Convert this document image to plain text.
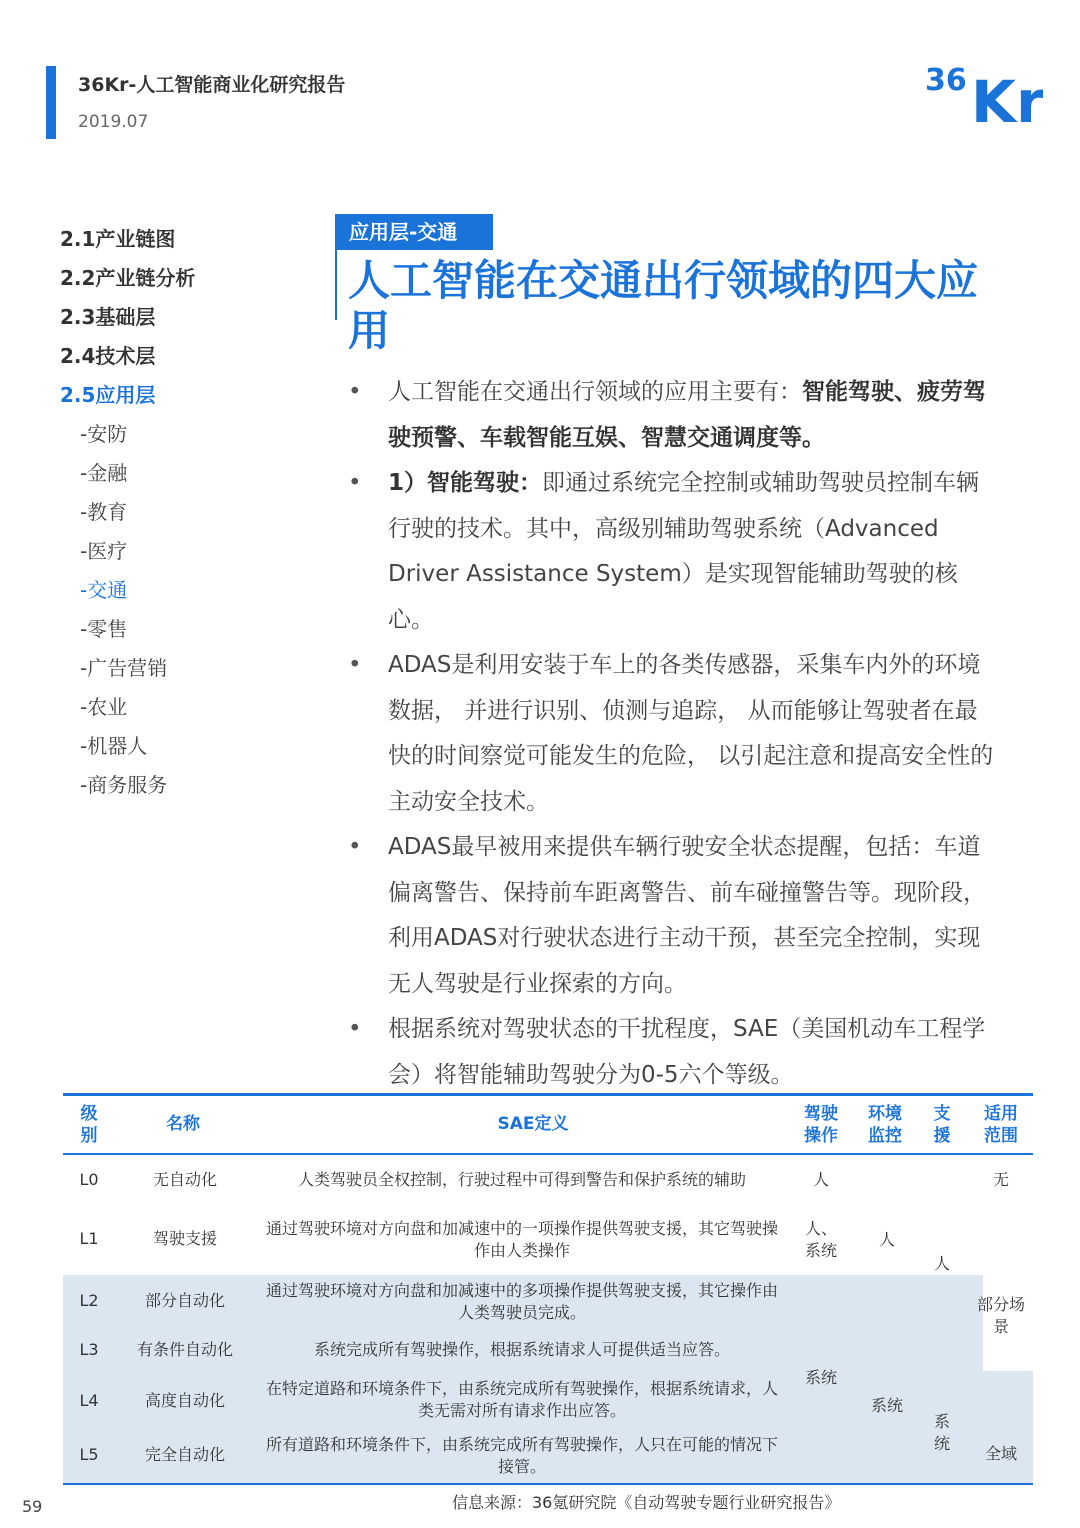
36Kr-人工智能商业化研究报告
2019.07
36 Kr
2.1产业链图
2.2产业链分析
2.3基础层
2.4技术层
2.5应用层
-安防
-金融
-教育
-医疗
-交通
-零售
-广告营销
-农业
-机器人
-商务服务
应用层-交通
人工智能在交通出行领域的四大应用
• 人工智能在交通出行领域的应用主要有：智能驾驶、疲劳驾驶预警、车载智能互娱、智慧交通调度等。
• 1）智能驾驶：即通过系统完全控制或辅助驾驶员控制车辆行驶的技术。其中，高级别辅助驾驶系统（Advanced Driver Assistance System）是实现智能辅助驾驶的核心。
• ADAS是利用安装于车上的各类传感器，采集车内外的环境数据， 并进行识别、侦测与追踪， 从而能够让驾驶者在最快的时间察觉可能发生的危险， 以引起注意和提高安全性的主动安全技术。
• ADAS最早被用来提供车辆行驶安全状态提醒，包括：车道偏离警告、保持前车距离警告、前车碰撞警告等。现阶段，利用ADAS对行驶状态进行主动干预，甚至完全控制，实现无人驾驶是行业探索的方向。
• 根据系统对驾驶状态的干扰程度，SAE（美国机动车工程学会）将智能辅助驾驶分为0-5六个等级。
级别
名称	SAE定义	驾驶操作
环境监控
支援
适用范围
L0
L1
L2
L3
L4
L5
无自动化
驾驶支援
部分自动化
有条件自动化
高度自动化
完全自动化
人类驾驶员全权控制，行驶过程中可得到警告和保护系统的辅助
通过驾驶环境对方向盘和加减速中的一项操作提供驾驶支援，其它驾驶操作由人类操作
通过驾驶环境对方向盘和加减速中的多项操作提供驾驶支援，其它操作由人类驾驶员完成。
系统完成所有驾驶操作，根据系统请求人可提供适当应答。
在特定道路和环境条件下，由系统完成所有驾驶操作，根据系统请求，人类无需对所有请求作出应答。
所有道路和环境条件下，由系统完成所有驾驶操作，人只在可能的情况下接管。
人
人、系统
系统
人
系统
人
系统
无
部分场景
全域
信息来源：36氪研究院《自动驾驶专题行业研究报告》
59
